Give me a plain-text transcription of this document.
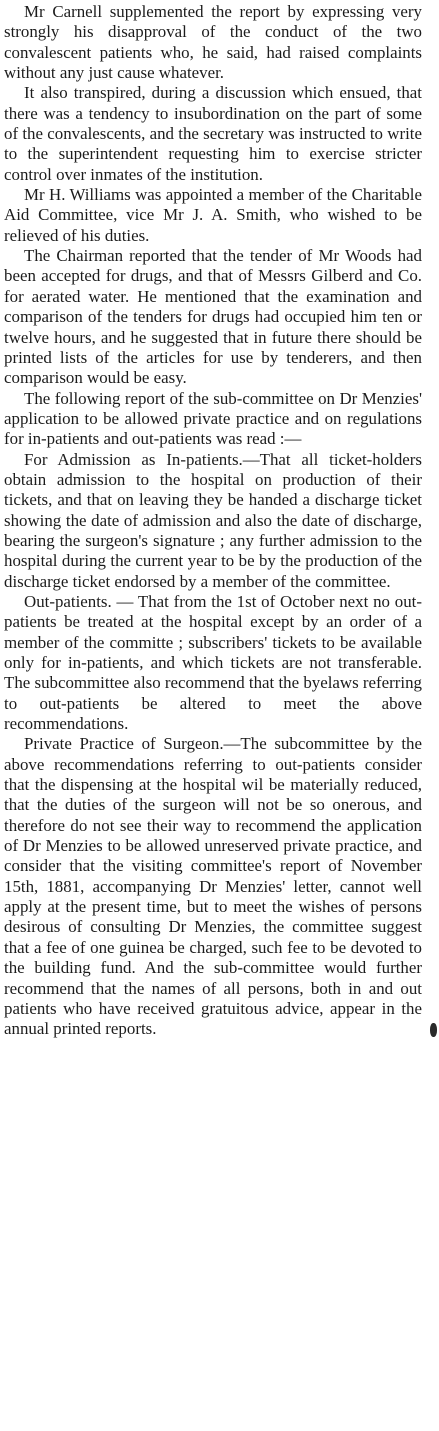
Mr Carnell supplemented the report by expressing very strongly his disapproval of the conduct of the two convalescent patients who, he said, had raised complaints without any just cause whatever.

It also transpired, during a discussion which ensued, that there was a tendency to insubordination on the part of some of the convalescents, and the secretary was instructed to write to the superintendent requesting him to exercise stricter control over inmates of the institution.

Mr H. Williams was appointed a member of the Charitable Aid Committee, vice Mr J. A. Smith, who wished to be relieved of his duties.

The Chairman reported that the tender of Mr Woods had been accepted for drugs, and that of Messrs Gilberd and Co. for aerated water. He mentioned that the examination and comparison of the tenders for drugs had occupied him ten or twelve hours, and he suggested that in future there should be printed lists of the articles for use by tenderers, and then comparison would be easy.

The following report of the sub-committee on Dr Menzies' application to be allowed private practice and on regulations for in-patients and out-patients was read :—

For Admission as In-patients.—That all ticket-holders obtain admission to the hospital on production of their tickets, and that on leaving they be handed a discharge ticket showing the date of admission and also the date of discharge, bearing the surgeon's signature ; any further admission to the hospital during the current year to be by the production of the discharge ticket endorsed by a member of the committee.

Out-patients. — That from the 1st of October next no out-patients be treated at the hospital except by an order of a member of the committe ; subscribers' tickets to be available only for in-patients, and which tickets are not transferable. The subcommittee also recommend that the byelaws referring to out-patients be altered to meet the above recommendations.

Private Practice of Surgeon.—The subcommittee by the above recommendations referring to out-patients consider that the dispensing at the hospital wil be materially reduced, that the duties of the surgeon will not be so onerous, and therefore do not see their way to recommend the application of Dr Menzies to be allowed unreserved private practice, and consider that the visiting committee's report of November 15th, 1881, accompanying Dr Menzies' letter, cannot well apply at the present time, but to meet the wishes of persons desirous of consulting Dr Menzies, the committee suggest that a fee of one guinea be charged, such fee to be devoted to the building fund. And the sub-committee would further recommend that the names of all persons, both in and out patients who have received gratuitous advice, appear in the annual printed reports.
